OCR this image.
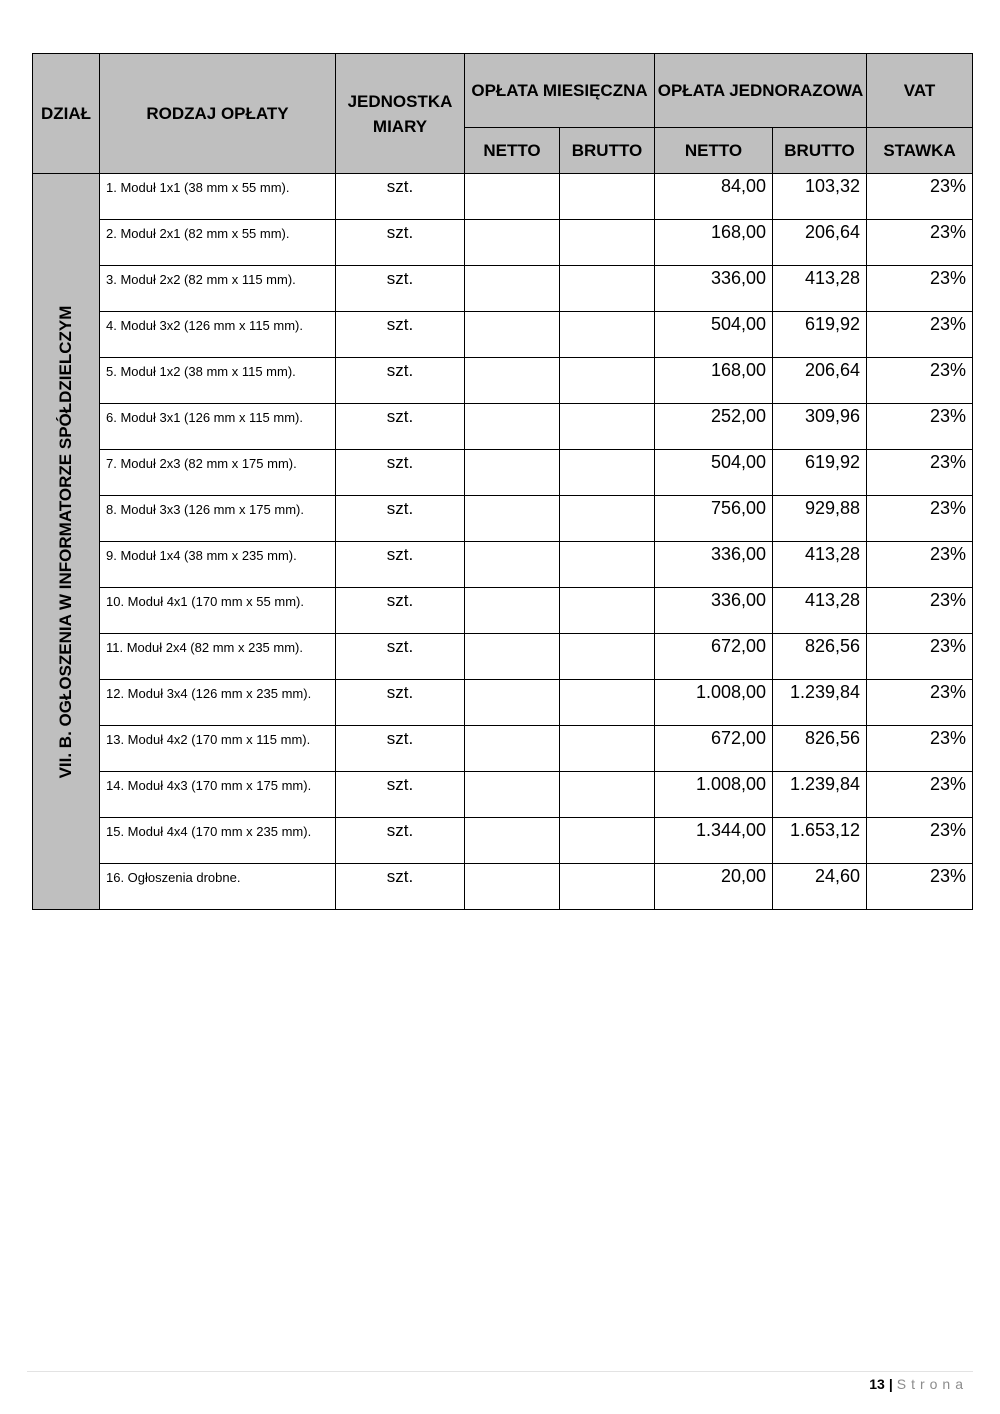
DZIAŁ	RODZAJ OPŁATY	JEDNOSTKA MIARY	OPŁATA MIESIĘCZNA		OPŁATA JEDNORAZOWA		VAT
			NETTO	BRUTTO	NETTO	BRUTTO	STAWKA

VII. B. OGŁOSZENIA W INFORMATORZE SPÓŁDZIELCZYM	1. Moduł 1x1 (38 mm x 55 mm).	szt.			84,00	103,32	23%
	2. Moduł 2x1 (82 mm x 55 mm).	szt.			168,00	206,64	23%
	3. Moduł 2x2 (82 mm x 115 mm).	szt.			336,00	413,28	23%
	4. Moduł 3x2 (126 mm x 115 mm).	szt.			504,00	619,92	23%
	5. Moduł 1x2 (38 mm x 115 mm).	szt.			168,00	206,64	23%
	6. Moduł 3x1 (126 mm x 115 mm).	szt.			252,00	309,96	23%
	7. Moduł 2x3 (82 mm x 175 mm).	szt.			504,00	619,92	23%
	8. Moduł 3x3 (126 mm x 175 mm).	szt.			756,00	929,88	23%
	9. Moduł 1x4 (38 mm x 235 mm).	szt.			336,00	413,28	23%
	10. Moduł 4x1 (170 mm x 55 mm).	szt.			336,00	413,28	23%
	11. Moduł 2x4 (82 mm x 235 mm).	szt.			672,00	826,56	23%
	12. Moduł 3x4 (126 mm x 235 mm).	szt.			1.008,00	1.239,84	23%
	13. Moduł 4x2 (170 mm x 115 mm).	szt.			672,00	826,56	23%
	14. Moduł 4x3 (170 mm x 175 mm).	szt.			1.008,00	1.239,84	23%
	15. Moduł 4x4 (170 mm x 235 mm).	szt.			1.344,00	1.653,12	23%
	16. Ogłoszenia drobne.	szt.			20,00	24,60	23%
13 | Strona
